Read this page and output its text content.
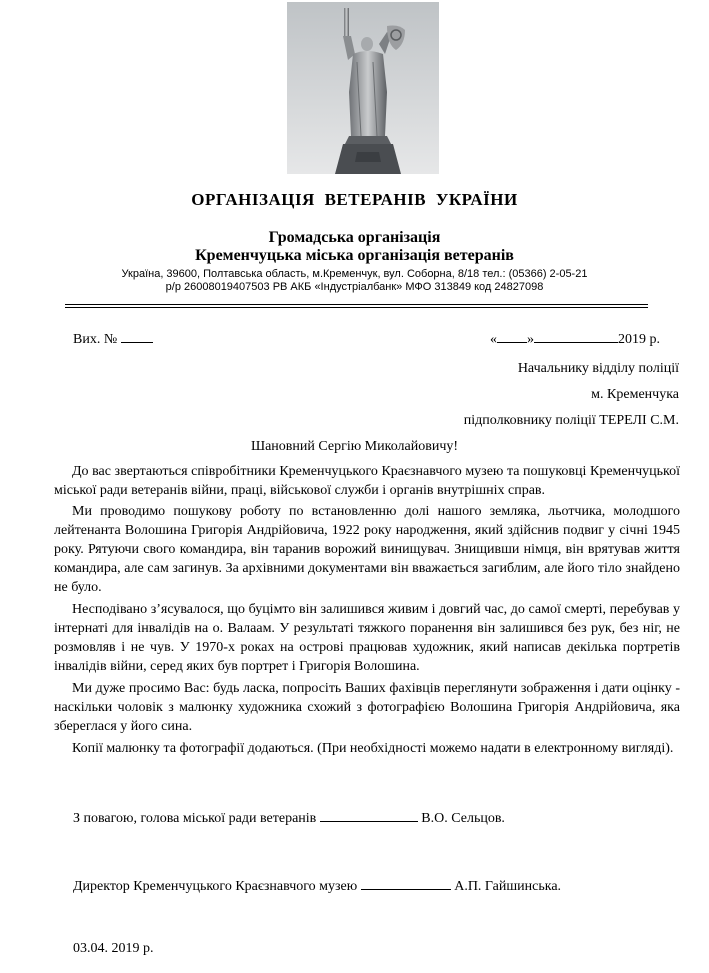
ОРГАНІЗАЦІЯ ВЕТЕРАНІВ УКРАЇНИ
Громадська організація
Кременчуцька міська організація ветеранів
Україна, 39600, Полтавська область, м.Кременчук, вул. Соборна, 8/18 тел.: (05366) 2-05-21
р/р 26008019407503 РВ АКБ «Індустріалбанк» МФО 313849 код 24827098
Вих. №	« »	2019 р.
Начальнику відділу поліції
м. Кременчука
підполковнику поліції ТЕРЕЛІ С.М.
Шановний Сергію Миколайовичу!

До вас звертаються співробітники Кременчуцького Краєзнавчого музею та пошуковці Кременчуцької міської ради ветеранів війни, праці, військової служби і органів внутрішніх справ.

Ми проводимо пошукову роботу по встановленню долі нашого земляка, льотчика, молодшого лейтенанта Волошина Григорія Андрійовича, 1922 року народження, який здійснив подвиг у січні 1945 року. Рятуючи свого командира, він таранив ворожий винищувач. Знищивши німця, він врятував життя командира, але сам загинув. За архівними документами він вважається загиблим, але його тіло знайдено не було.

Несподівано з’ясувалося, що буцімто він залишився живим і довгий час, до самої смерті, перебував у інтернаті для інвалідів на о. Валаам. У результаті тяжкого поранення він залишився без рук, без ніг, не розмовляв і не чув. У 1970-х роках на острові працював художник, який написав декілька портретів інвалідів війни, серед яких був портрет і Григорія Волошина.

Ми дуже просимо Вас: будь ласка, попросіть Ваших фахівців переглянути зображення і дати оцінку - наскільки чоловік з малюнку художника схожий з фотографією Волошина Григорія Андрійовича, яка збереглася у його сина.

Копії малюнку та фотографії додаються. (При необхідності можемо надати в електронному вигляді).

З повагою, голова міської ради ветеранів	В.О. Сельцов.
Директор Кременчуцького Краєзнавчого музею	А.П. Гайшинська.
03.04. 2019 р.
